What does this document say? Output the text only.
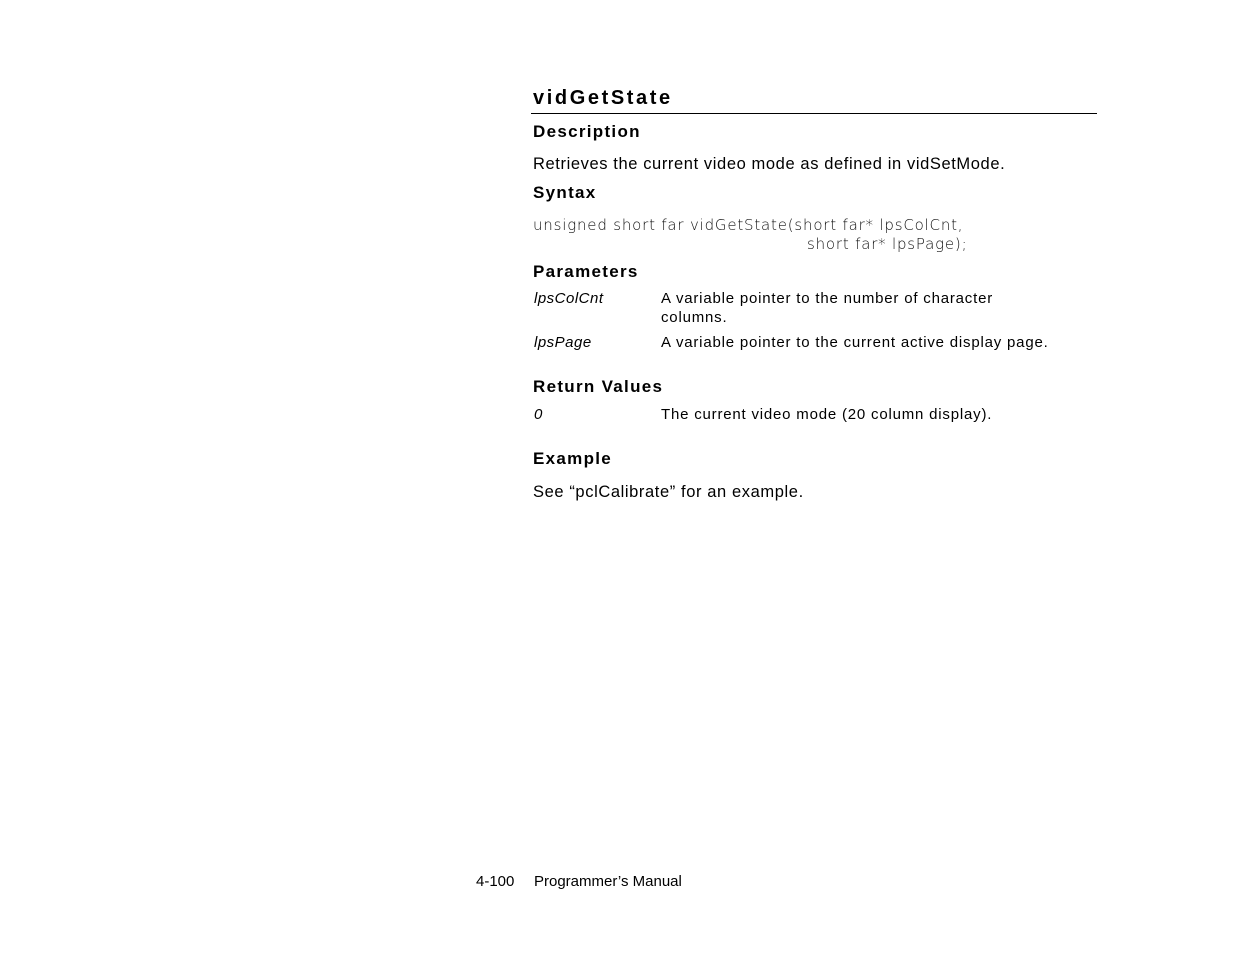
vidGetState
Description

Retrieves the current video mode as defined in vidSetMode.

Syntax

unsigned short far vidGetState(short far* lpsColCnt,

short far* lpsPage);

Parameters

lpsColCnt	A variable pointer to the number of character

columns.

lpsPage	A variable pointer to the current active display page.

Return Values

0	The current video mode (20 column display).

Example

See “pclCalibrate” for an example.

4-100 Programmer’s Manual
